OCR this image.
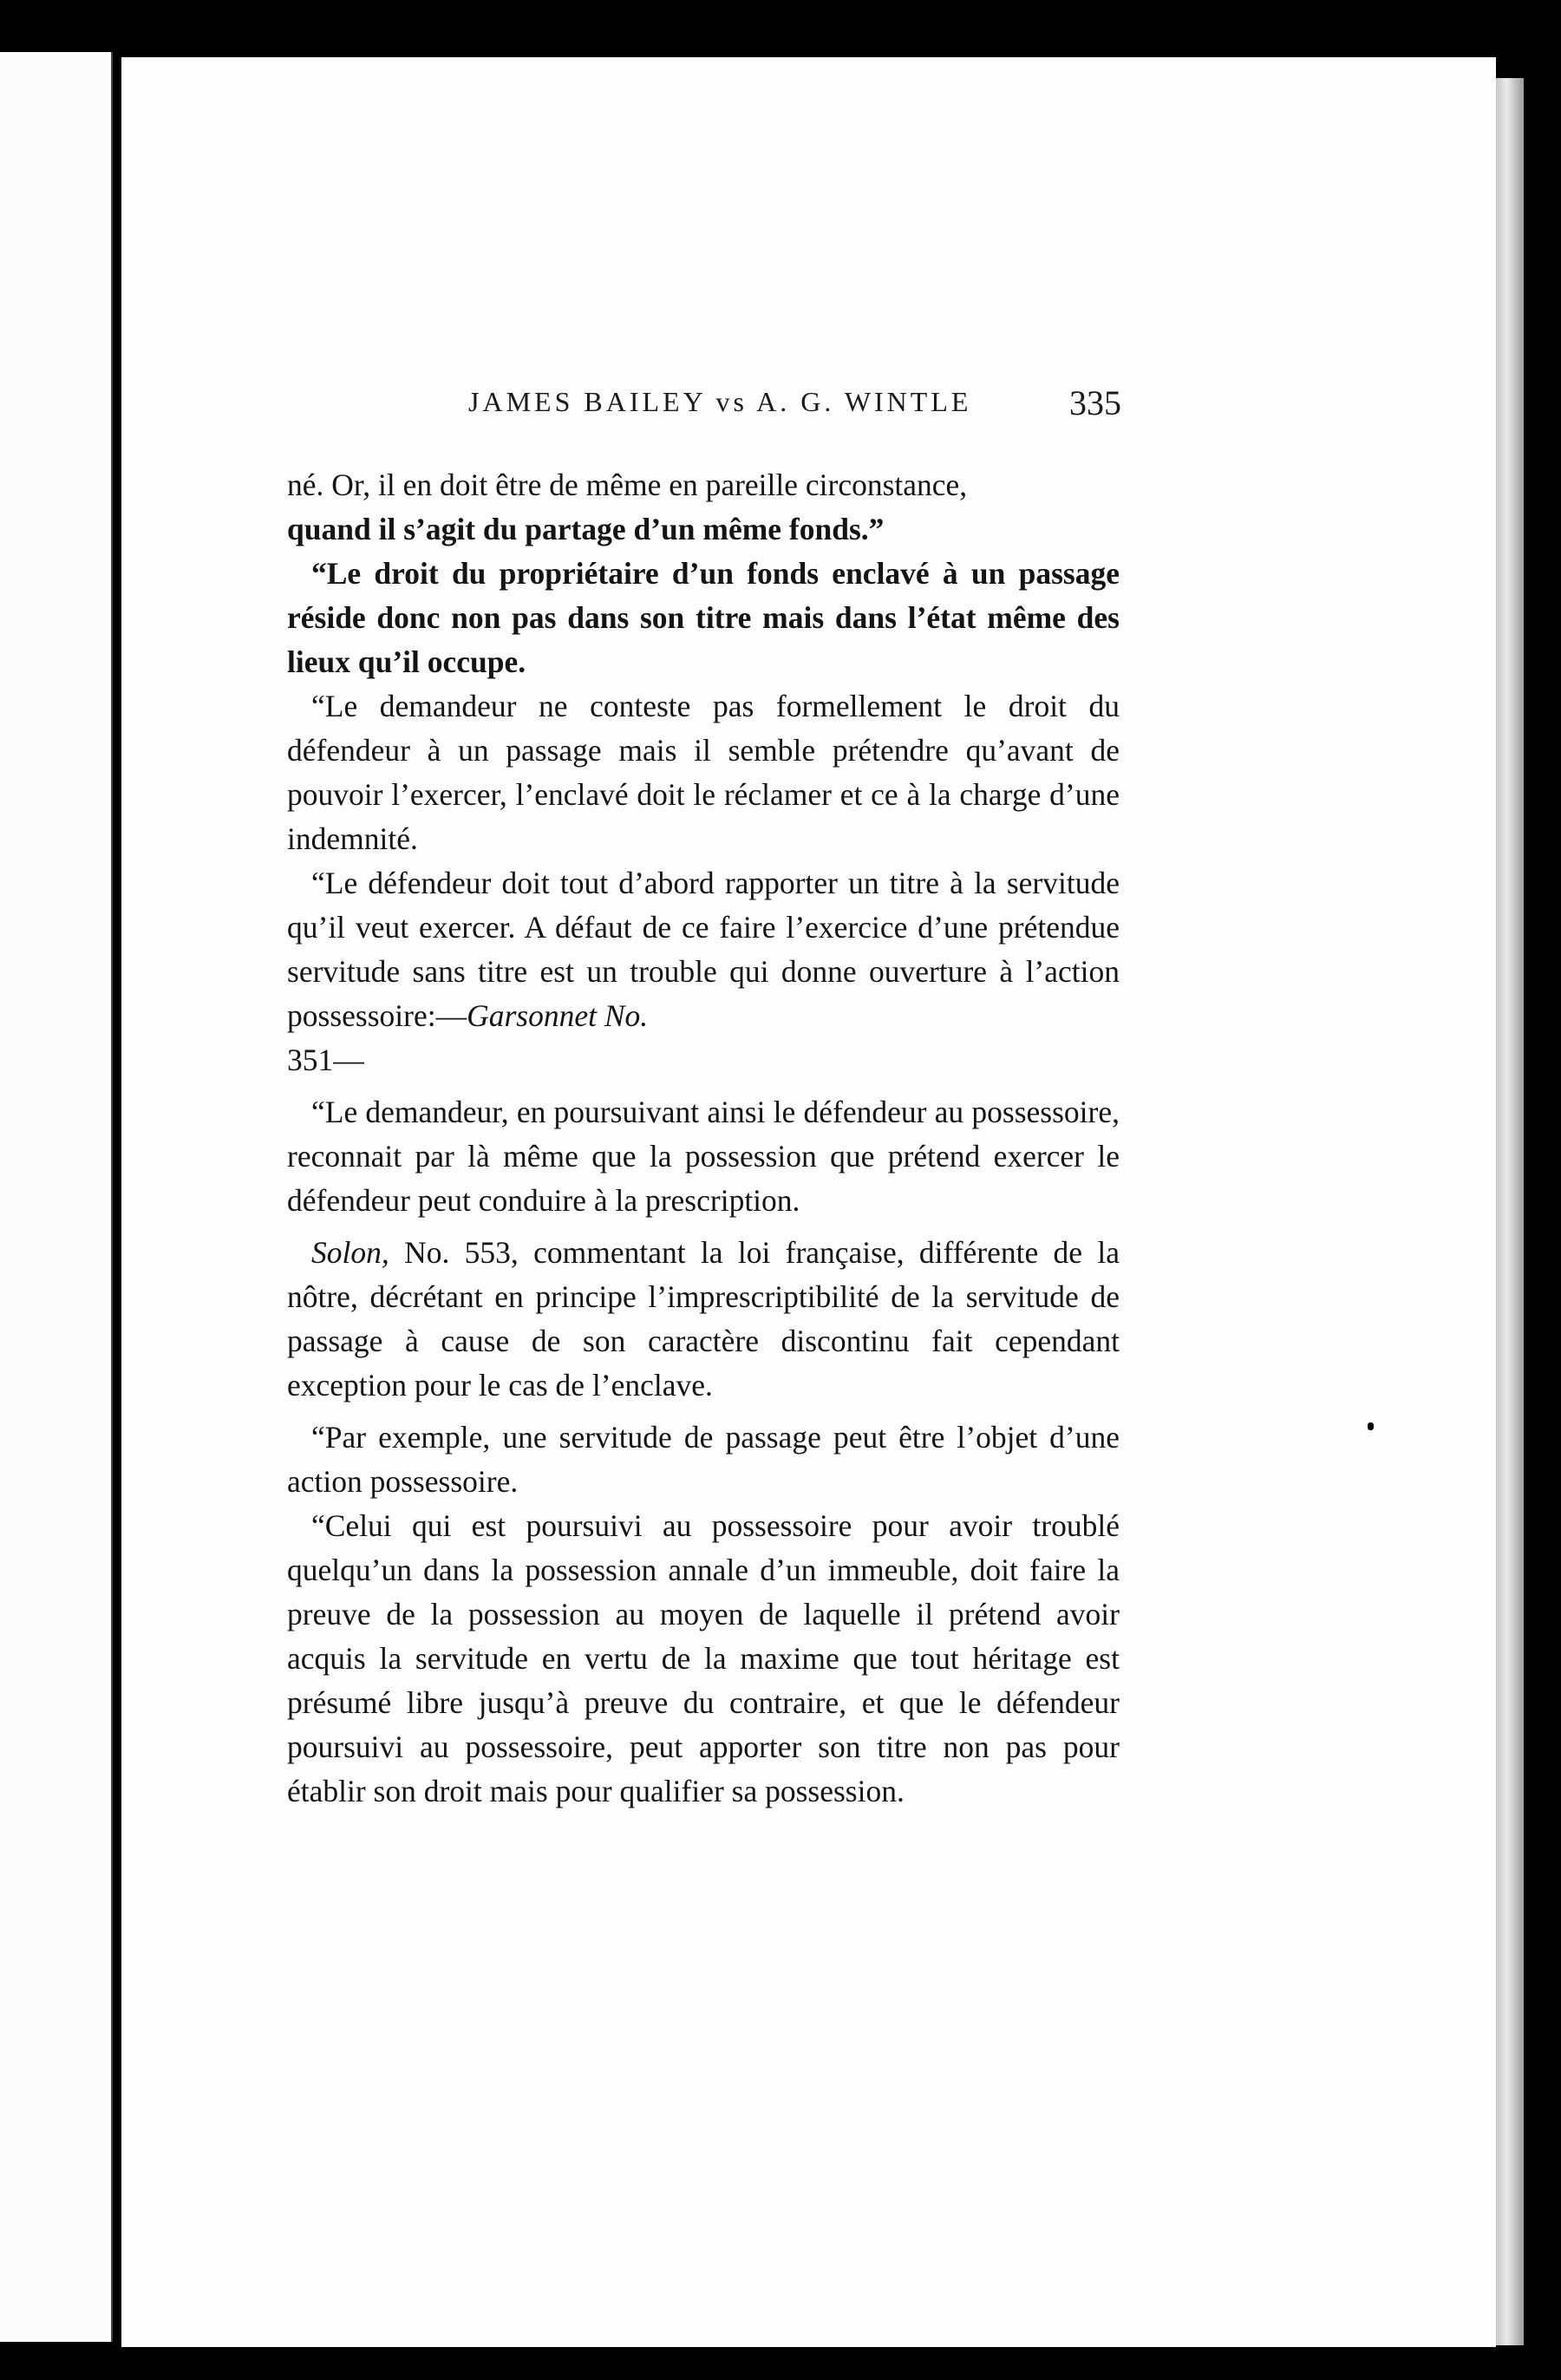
JAMES BAILEY vs A. G. WINTLE	335

né. Or, il en doit être de même en pareille circonstance,
quand il s’agit du partage d’un même fonds.”

“Le droit du propriétaire d’un fonds enclavé à un passage réside donc non pas dans son titre mais dans l’état même des lieux qu’il occupe.

“Le demandeur ne conteste pas formellement le droit du défendeur à un passage mais il semble prétendre qu’avant de pouvoir l’exercer, l’enclavé doit le réclamer et ce à la charge d’une indemnité.

“Le défendeur doit tout d’abord rapporter un titre à la servitude qu’il veut exercer. A défaut de ce faire l’exercice d’une prétendue servitude sans titre est un trouble qui donne ouverture à l’action possessoire:—Garsonnet No.
351—

“Le demandeur, en poursuivant ainsi le défendeur au possessoire, reconnait par là même que la possession que prétend exercer le défendeur peut conduire à la prescription.

Solon, No. 553, commentant la loi française, différente de la nôtre, décrétant en principe l’imprescriptibilité de la servitude de passage à cause de son caractère discontinu fait cependant exception pour le cas de l’enclave.

“Par exemple, une servitude de passage peut être l’objet d’une action possessoire.

“Celui qui est poursuivi au possessoire pour avoir troublé quelqu’un dans la possession annale d’un immeuble, doit faire la preuve de la possession au moyen de laquelle il prétend avoir acquis la servitude en vertu de la maxime que tout héritage est présumé libre jusqu’à preuve du contraire, et que le défendeur poursuivi au possessoire, peut apporter son titre non pas pour établir son droit mais pour qualifier sa possession.
